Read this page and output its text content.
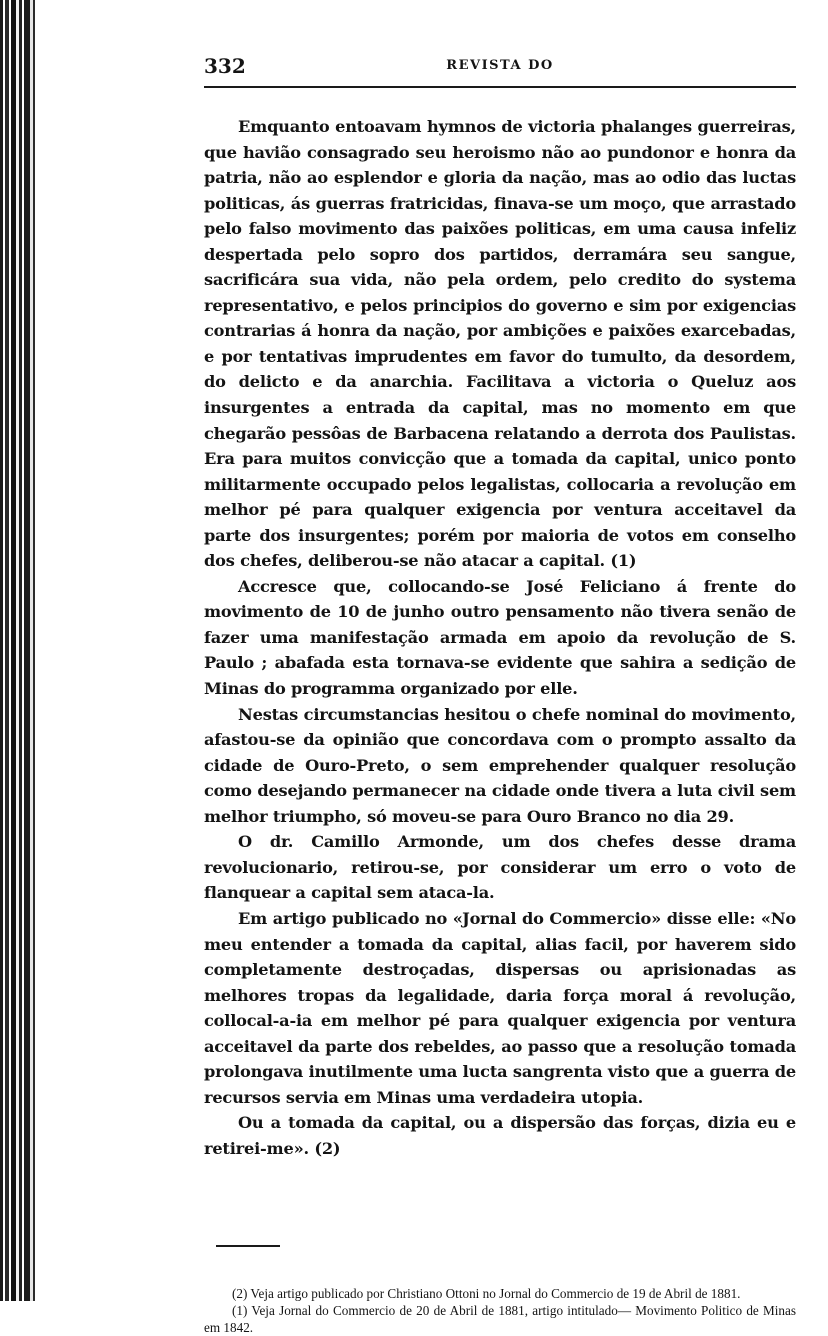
332	REVISTA DO

Emquanto entoavam hymnos de victoria phalanges guerreiras, que havião consagrado seu heroismo não ao pundonor e honra da patria, não ao esplendor e gloria da nação, mas ao odio das luctas politicas, ás guerras fratricidas, finava-se um moço, que arrastado pelo falso movimento das paixões politicas, em uma causa infeliz despertada pelo sopro dos partidos, derramára seu sangue, sacrificára sua vida, não pela ordem, pelo credito do systema representativo, e pelos principios do governo e sim por exigencias contrarias á honra da nação, por ambições e paixões exarcebadas, e por tentativas imprudentes em favor do tumulto, da desordem, do delicto e da anarchia. Facilitava a victoria o Queluz aos insurgentes a entrada da capital, mas no momento em que chegarão pessôas de Barbacena relatando a derrota dos Paulistas. Era para muitos convicção que a tomada da capital, unico ponto militarmente occupado pelos legalistas, collocaria a revolução em melhor pé para qualquer exigencia por ventura acceitavel da parte dos insurgentes; porém por maioria de votos em conselho dos chefes, deliberou-se não atacar a capital. (1)

Accresce que, collocando-se José Feliciano á frente do movimento de 10 de junho outro pensamento não tivera senão de fazer uma manifestação armada em apoio da revolução de S. Paulo ; abafada esta tornava-se evidente que sahira a sedição de Minas do programma organizado por elle.

Nestas circumstancias hesitou o chefe nominal do movimento, afastou-se da opinião que concordava com o prompto assalto da cidade de Ouro-Preto, o sem emprehender qualquer resolução como desejando permanecer na cidade onde tivera a luta civil sem melhor triumpho, só moveu-se para Ouro Branco no dia 29.

O dr. Camillo Armonde, um dos chefes desse drama revolucionario, retirou-se, por considerar um erro o voto de flanquear a capital sem ataca-la.

Em artigo publicado no «Jornal do Commercio» disse elle: «No meu entender a tomada da capital, alias facil, por haverem sido completamente destroçadas, dispersas ou aprisionadas as melhores tropas da legalidade, daria força moral á revolução, collocal-a-ia em melhor pé para qualquer exigencia por ventura acceitavel da parte dos rebeldes, ao passo que a resolução tomada prolongava inutilmente uma lucta sangrenta visto que a guerra de recursos servia em Minas uma verdadeira utopia.

Ou a tomada da capital, ou a dispersão das forças, dizia eu e retirei-me». (2)

(2) Veja artigo publicado por Christiano Ottoni no Jornal do Commercio de 19 de Abril de 1881.

(1) Veja Jornal do Commercio de 20 de Abril de 1881, artigo intitulado— Movimento Politico de Minas em 1842.
